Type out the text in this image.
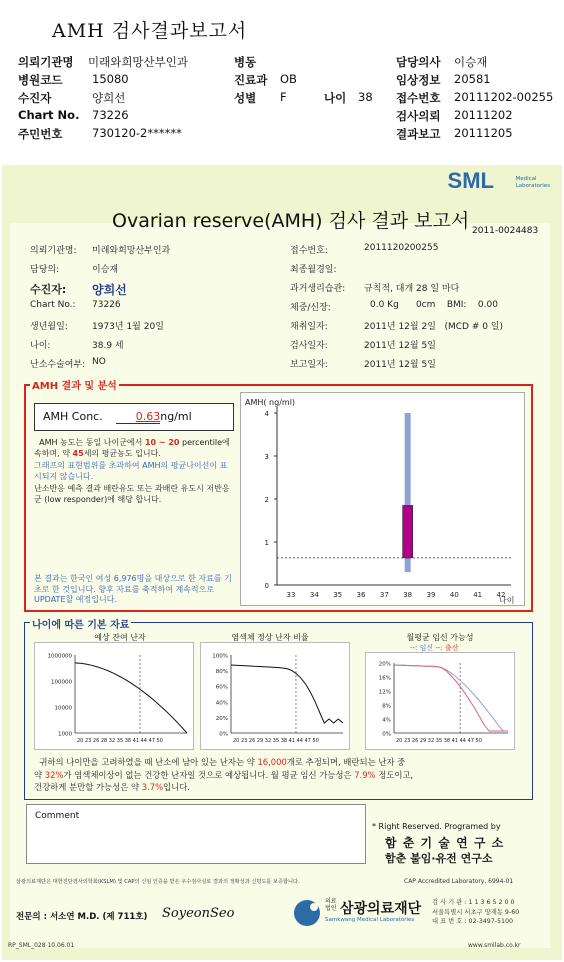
AMH 검사결과보고서
의뢰기관명 미래와희망산부인과	병동	담당의사 이승재
병원코드	15080	진료과 OB	임상정보 20581
수진자	양희선	성별 F	나이 38 접수번호 20111202-00255
Chart No. 73226	검사의뢰 20111202
주민번호	730120-2******	결과보고 20111205
SML	Medical
Laboratories
Ovarian reserve(AMH) 검사 결과 보고서 2011-0024483
의뢰기관명: 미래와희망산부인과
담당의:	이승재
수진자: 양희선
Chart No.: 73226
생년월일:	1973년 1월 20일
나이:	38.9 세
난소수술여부: NO
접수번호:	2011120200255
최종월경일:
과거생리습관: 규칙적, 대개 28 일 마다
체중/신장:	0.0 Kg      0cm    BMI:    0.00
채취일자:	2011년 12월 2일   (MCD # 0 일)
검사일자:	2011년 12월 5일
보고일자:	2011년 12월 5일
AMH 결과 및 분석
AMH Conc.	0.63ng/ml
AMH 농도는 동일 나이군에서 10 ~ 20 percentile에 속하며, 약 45세의 평균농도 입니다.
그래프의 표현범위를 초과하여 AMH의 평균나이선이 표시되지 않습니다.
난소반응 예측 결과 배란유도 또는 과배란 유도시 저반응군 (low responder)에 해당 합니다.
본 결과는 한국인 여성 6,976명을 대상으로 한 자료를 기초로 한 것입니다. 향후 자료를 축적하여 계속적으로 UPDATE할 예정입니다.
AMH( ng/ml)
나이
0
1
2
3
4
33 34 35 36 37 38 39 40 41 42
나이에 따른 기본 자료
예상 잔여 난자	염색체 정상 난자 비율	월평균 임신 가능성
--: 임신 --: 출산
1000000
100000
10000
1000
20 23 26 28 32 35 38 41 44 47 50
100%
80%
60%
40%
20%
0%
20 23 26 29 32 35 38 41 44 47 50
20%
16%
12%
8%
4%
0%
20 23 26 29 32 35 38 41 44 47 50
귀하의 나이만을 고려하였을 때 난소에 남아 있는 난자는 약 16,000개로 추정되며, 배란되는 난자 중
약 32%가 염색체이상이 없는 건강한 난자일 것으로 예상됩니다. 월 평균 임신 가능성은 7.9% 정도이고,
건강하게 분만할 가능성은 약 3.7%입니다.
Comment
* Right Reserved. Programed by
함 춘 기 술 연 구 소
함춘 불임·유전 연구소
삼광의료재단은 대한진단검사의학회(KSLM) 및 CAP의 신임 인증을 받은 우수검사실로 결과의 정확성과 신빙도를 보증합니다.	CAP Accredited Laboratory, 6994-01
전문의 : 서소연 M.D. (제 711호) SoyeonSeo
의료법인 삼광의료재단
Samkwang Medical Laboratories
검 사 기 관 : 1 1 3 6 5 2 0 0
서울특별시 서초구 양재동 9-60
대 표 번 호 : 02-3497-5100
RP_SML_028 10.06.01	www.smllab.co.kr
